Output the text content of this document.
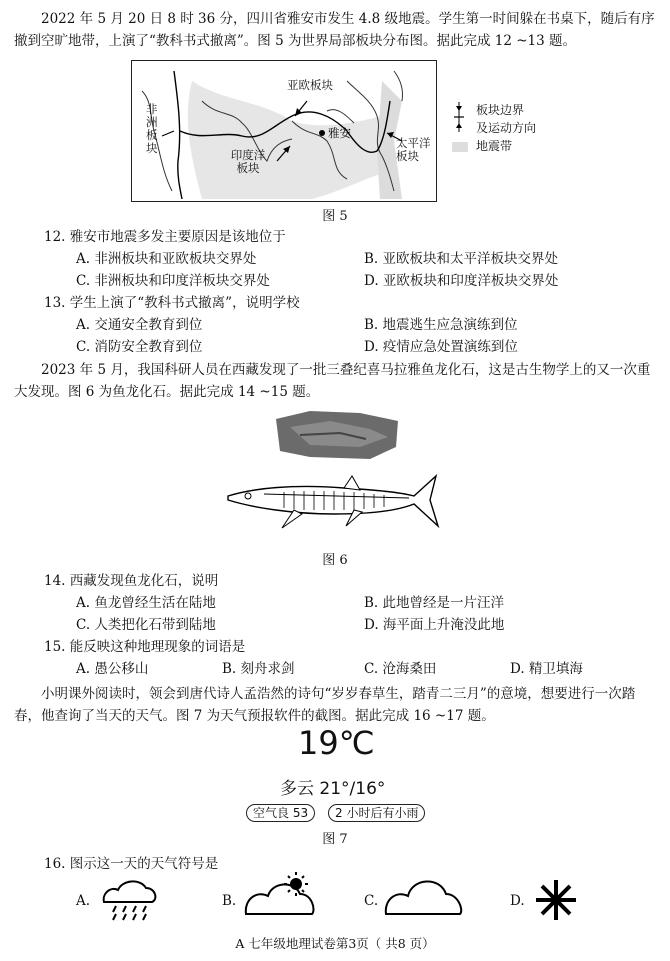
2022 年 5 月 20 日 8 时 36 分，四川省雅安市发生 4.8 级地震。学生第一时间躲在书桌下，随后有序撤到空旷地带，上演了“教科书式撤离”。图 5 为世界局部板块分布图。据此完成 12 ~13 题。
亚欧板块
非洲板块	印度洋板块
雅安
太平洋板块
板块边界
及运动方向
地震带
图 5
12. 雅安市地震多发主要原因是该地位于
A. 非洲板块和亚欧板块交界处	B. 亚欧板块和太平洋板块交界处
C. 非洲板块和印度洋板块交界处	D. 亚欧板块和印度洋板块交界处
13. 学生上演了“教科书式撤离”，说明学校
A. 交通安全教育到位	B. 地震逃生应急演练到位
C. 消防安全教育到位	D. 疫情应急处置演练到位
2023 年 5 月，我国科研人员在西藏发现了一批三叠纪喜马拉雅鱼龙化石，这是古生物学上的又一次重大发现。图 6 为鱼龙化石。据此完成 14 ~15 题。
图 6
14. 西藏发现鱼龙化石，说明
A. 鱼龙曾经生活在陆地	B. 此地曾经是一片汪洋
C. 人类把化石带到陆地	D. 海平面上升淹没此地
15. 能反映这种地理现象的词语是
A. 愚公移山	B. 刻舟求剑	C. 沧海桑田	D. 精卫填海
小明课外阅读时，领会到唐代诗人孟浩然的诗句“岁岁春草生，踏青二三月”的意境，想要进行一次踏春，他查询了当天的天气。图 7 为天气预报软件的截图。据此完成 16 ~17 题。
19℃
多云 21°/16°
空气良 53	2 小时后有小雨
图 7
16. 图示这一天的天气符号是
A.	B.	C.	D.
A 七年级地理试卷第3页（ 共8 页）
